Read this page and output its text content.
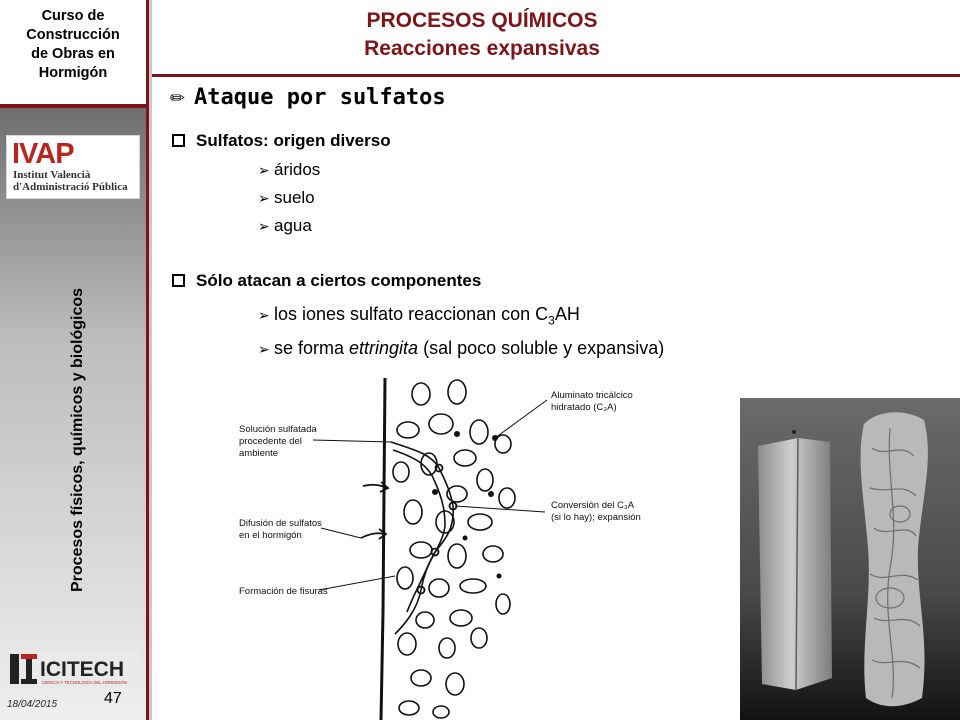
Curso de
Construcción
de Obras en
Hormigón
IVAP
Institut Valencià
d'Administració Pública
Procesos físicos, químicos y biológicos
ICITECH
CIENCIA Y TECNOLOGÍA DEL HORMIGÓN
18/04/2015	47
PROCESOS QUÍMICOS
Reacciones expansivas
✏ Ataque por sulfatos
Sulfatos: origen diverso
➢ áridos
➢ suelo
➢ agua
Sólo atacan a ciertos componentes
➢ los iones sulfato reaccionan con $C_3AH$
➢ se forma ettringita (sal poco soluble y expansiva)
Solución sulfatada procedente del ambiente
Difusión de sulfatos en el hormigón
Formación de fisuras
Aluminato tricálcico hidratado (C₃A)
Conversión del C₃A (si lo hay); expansión
